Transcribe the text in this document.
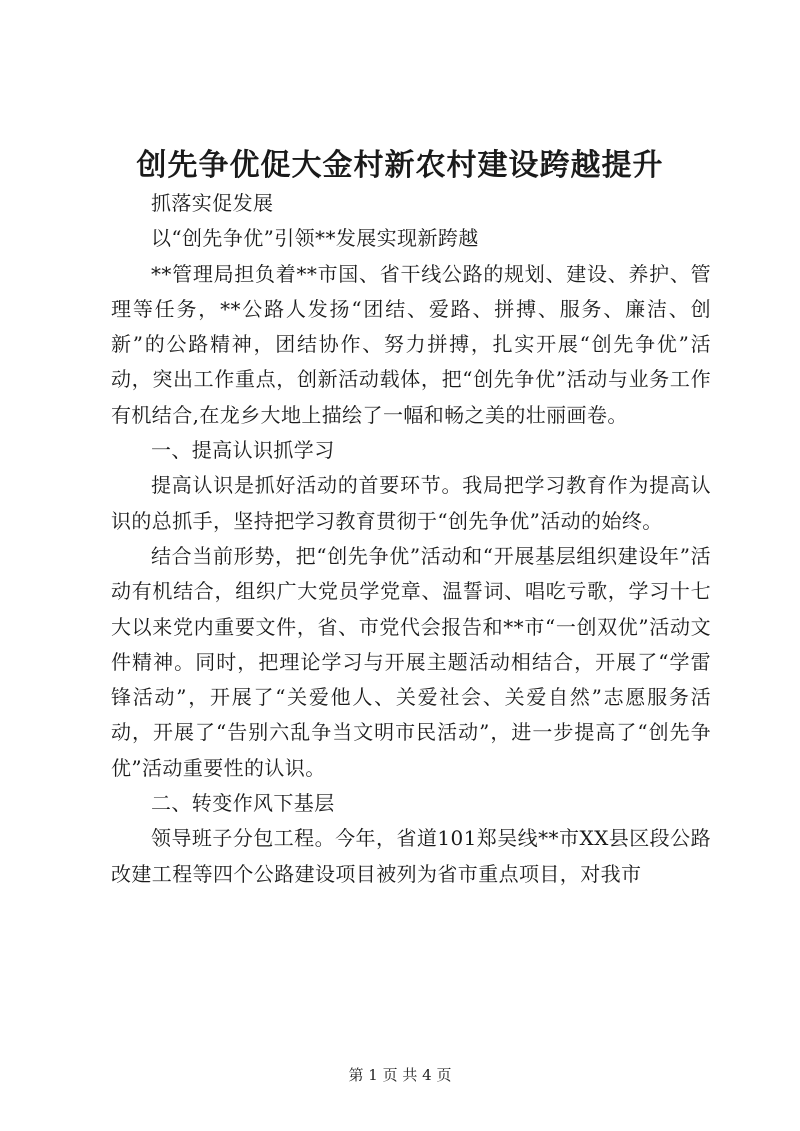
创先争优促大金村新农村建设跨越提升

抓落实促发展

以“创先争优”引领**发展实现新跨越

**管理局担负着**市国、省干线公路的规划、建设、养护、管理等任务，**公路人发扬“团结、爱路、拼搏、服务、廉洁、创新”的公路精神，团结协作、努力拼搏，扎实开展“创先争优”活动，突出工作重点，创新活动载体，把“创先争优”活动与业务工作有机结合,在龙乡大地上描绘了一幅和畅之美的壮丽画卷。

一、提高认识抓学习

提高认识是抓好活动的首要环节。我局把学习教育作为提高认识的总抓手，坚持把学习教育贯彻于“创先争优”活动的始终。

结合当前形势，把“创先争优”活动和“开展基层组织建设年”活动有机结合，组织广大党员学党章、温誓词、唱吃亏歌，学习十七大以来党内重要文件，省、市党代会报告和**市“一创双优”活动文件精神。同时，把理论学习与开展主题活动相结合，开展了“学雷锋活动”，开展了“关爱他人、关爱社会、关爱自然”志愿服务活动，开展了“告别六乱争当文明市民活动”，进一步提高了“创先争优”活动重要性的认识。

二、转变作风下基层

领导班子分包工程。今年，省道101郑吴线**市XX县区段公路改建工程等四个公路建设项目被列为省市重点项目，对我市

第 1 页 共 4 页
